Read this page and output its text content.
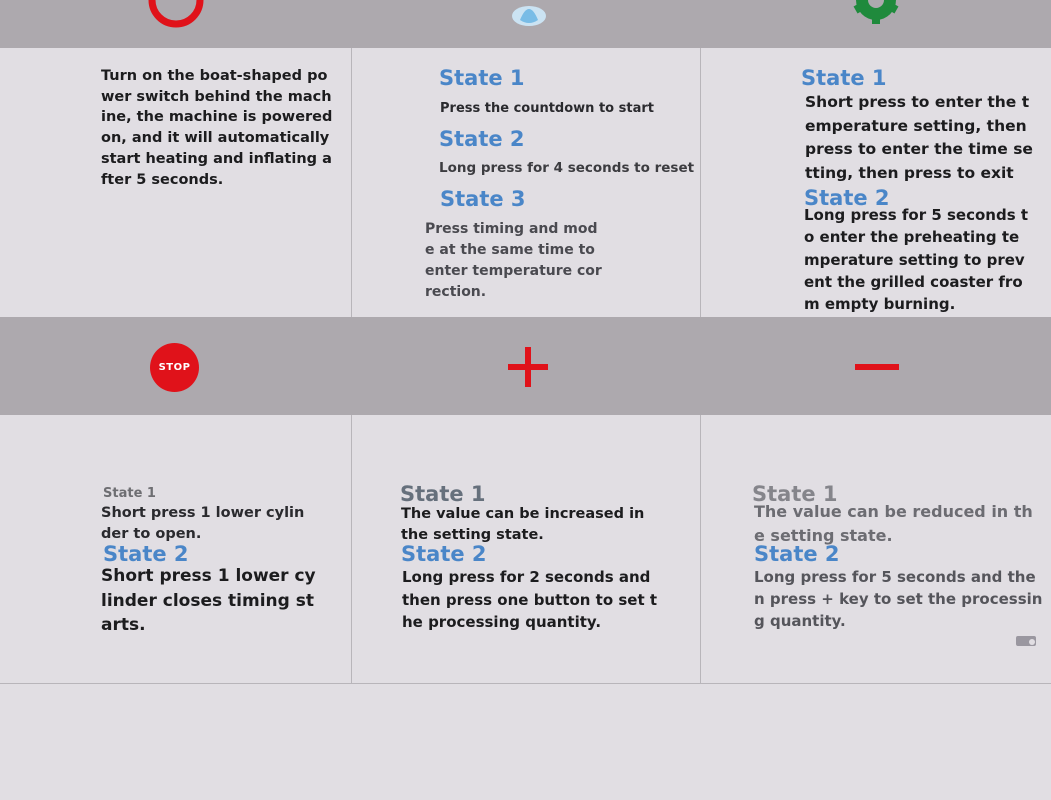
STOP

Turn on the boat-shaped po
wer switch behind the mach
ine, the machine is powered
on, and it will automatically
start heating and inflating a
fter 5 seconds.

State 1

Press the countdown to start

State 2

Long press for 4 seconds to reset

State 3

Press timing and mod
e at the same time to
enter temperature cor
rection.

State 1

Short press to enter the t
emperature setting, then
press to enter the time se
tting, then press to exit

State 2

Long press for 5 seconds t
o enter the preheating te
mperature setting to prev
ent the grilled coaster fro
m empty burning.

State 1

Short press 1 lower cylin
der to open.

State 2

Short press 1 lower cy
linder closes timing st
arts.

State 1

The value can be increased in
the setting state.

State 2

Long press for 2 seconds and
then press one button to set t
he processing quantity.

State 1

The value can be reduced in th
e setting state.

State 2

Long press for 5 seconds and the
n press + key to set the processin
g quantity.
